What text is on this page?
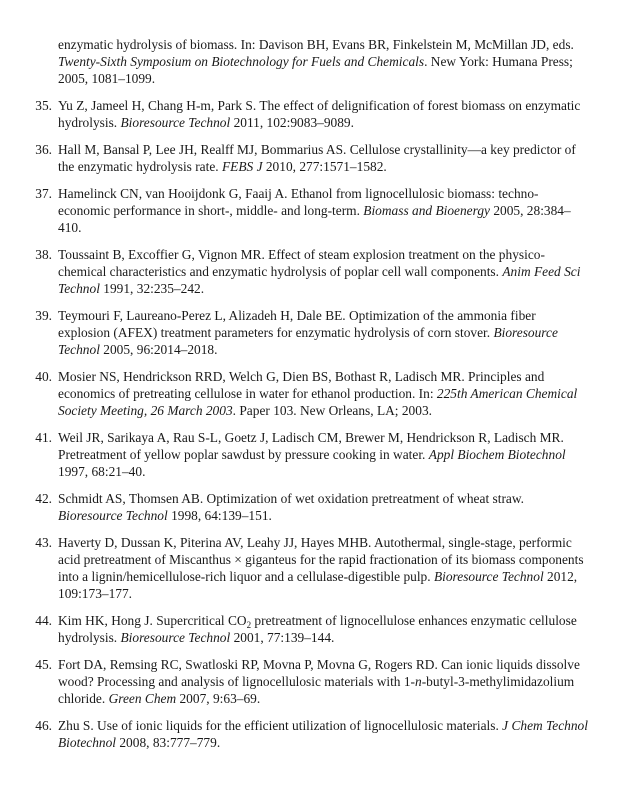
enzymatic hydrolysis of biomass. In: Davison BH, Evans BR, Finkelstein M, McMillan JD, eds. Twenty-Sixth Symposium on Biotechnology for Fuels and Chemicals. New York: Humana Press; 2005, 1081–1099.
35. Yu Z, Jameel H, Chang H-m, Park S. The effect of delignification of forest biomass on enzymatic hydrolysis. Bioresource Technol 2011, 102:9083–9089.
36. Hall M, Bansal P, Lee JH, Realff MJ, Bommarius AS. Cellulose crystallinity—a key predictor of the enzymatic hydrolysis rate. FEBS J 2010, 277:1571–1582.
37. Hamelinck CN, van Hooijdonk G, Faaij A. Ethanol from lignocellulosic biomass: techno-economic performance in short-, middle- and long-term. Biomass and Bioenergy 2005, 28:384–410.
38. Toussaint B, Excoffier G, Vignon MR. Effect of steam explosion treatment on the physico-chemical characteristics and enzymatic hydrolysis of poplar cell wall components. Anim Feed Sci Technol 1991, 32:235–242.
39. Teymouri F, Laureano-Perez L, Alizadeh H, Dale BE. Optimization of the ammonia fiber explosion (AFEX) treatment parameters for enzymatic hydrolysis of corn stover. Bioresource Technol 2005, 96:2014–2018.
40. Mosier NS, Hendrickson RRD, Welch G, Dien BS, Bothast R, Ladisch MR. Principles and economics of pretreating cellulose in water for ethanol production. In: 225th American Chemical Society Meeting, 26 March 2003. Paper 103. New Orleans, LA; 2003.
41. Weil JR, Sarikaya A, Rau S-L, Goetz J, Ladisch CM, Brewer M, Hendrickson R, Ladisch MR. Pretreatment of yellow poplar sawdust by pressure cooking in water. Appl Biochem Biotechnol 1997, 68:21–40.
42. Schmidt AS, Thomsen AB. Optimization of wet oxidation pretreatment of wheat straw. Bioresource Technol 1998, 64:139–151.
43. Haverty D, Dussan K, Piterina AV, Leahy JJ, Hayes MHB. Autothermal, single-stage, performic acid pretreatment of Miscanthus × giganteus for the rapid fractionation of its biomass components into a lignin/hemicellulose-rich liquor and a cellulase-digestible pulp. Bioresource Technol 2012, 109:173–177.
44. Kim HK, Hong J. Supercritical $CO_2$ pretreatment of lignocellulose enhances enzymatic cellulose hydrolysis. Bioresource Technol 2001, 77:139–144.
45. Fort DA, Remsing RC, Swatloski RP, Movna P, Movna G, Rogers RD. Can ionic liquids dissolve wood? Processing and analysis of lignocellulosic materials with 1-n-butyl-3-methylimidazolium chloride. Green Chem 2007, 9:63–69.
46. Zhu S. Use of ionic liquids for the efficient utilization of lignocellulosic materials. J Chem Technol Biotechnol 2008, 83:777–779.
